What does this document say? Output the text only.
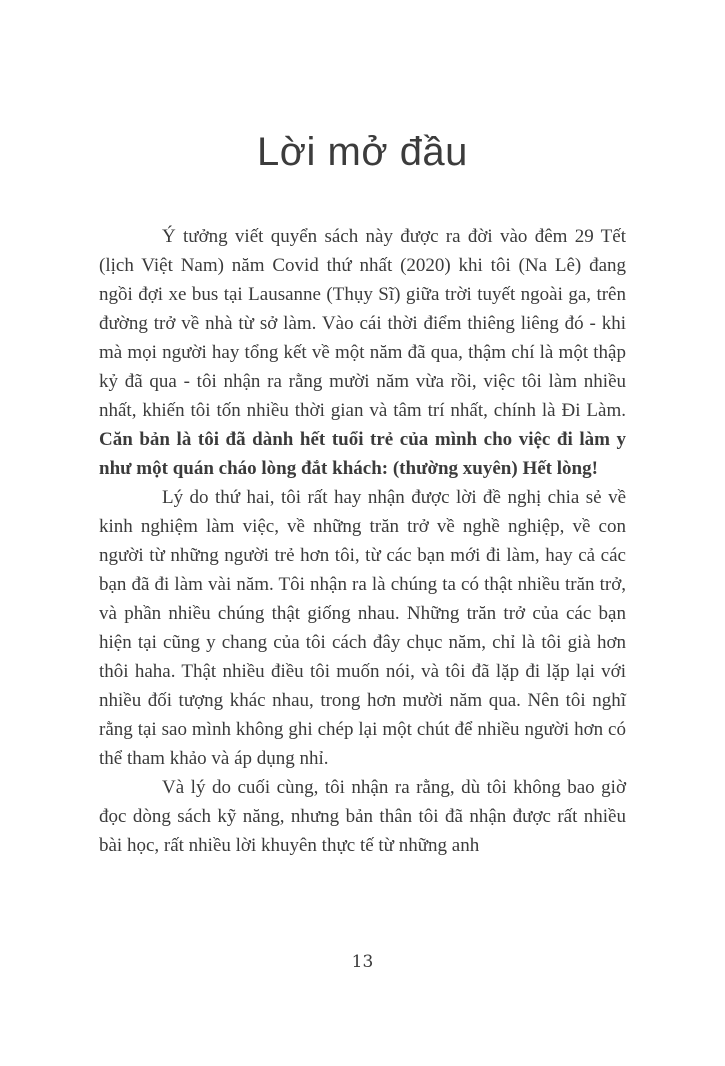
Lời mở đầu

Ý tưởng viết quyển sách này được ra đời vào đêm 29 Tết (lịch Việt Nam) năm Covid thứ nhất (2020) khi tôi (Na Lê) đang ngồi đợi xe bus tại Lausanne (Thụy Sĩ) giữa trời tuyết ngoài ga, trên đường trở về nhà từ sở làm. Vào cái thời điểm thiêng liêng đó - khi mà mọi người hay tổng kết về một năm đã qua, thậm chí là một thập kỷ đã qua - tôi nhận ra rằng mười năm vừa rồi, việc tôi làm nhiều nhất, khiến tôi tốn nhiều thời gian và tâm trí nhất, chính là Đi Làm. Căn bản là tôi đã dành hết tuổi trẻ của mình cho việc đi làm y như một quán cháo lòng đắt khách: (thường xuyên) Hết lòng!

Lý do thứ hai, tôi rất hay nhận được lời đề nghị chia sẻ về kinh nghiệm làm việc, về những trăn trở về nghề nghiệp, về con người từ những người trẻ hơn tôi, từ các bạn mới đi làm, hay cả các bạn đã đi làm vài năm. Tôi nhận ra là chúng ta có thật nhiều trăn trở, và phần nhiều chúng thật giống nhau. Những trăn trở của các bạn hiện tại cũng y chang của tôi cách đây chục năm, chỉ là tôi già hơn thôi haha. Thật nhiều điều tôi muốn nói, và tôi đã lặp đi lặp lại với nhiều đối tượng khác nhau, trong hơn mười năm qua. Nên tôi nghĩ rằng tại sao mình không ghi chép lại một chút để nhiều người hơn có thể tham khảo và áp dụng nhỉ.

Và lý do cuối cùng, tôi nhận ra rằng, dù tôi không bao giờ đọc dòng sách kỹ năng, nhưng bản thân tôi đã nhận được rất nhiều bài học, rất nhiều lời khuyên thực tế từ những anh

13
